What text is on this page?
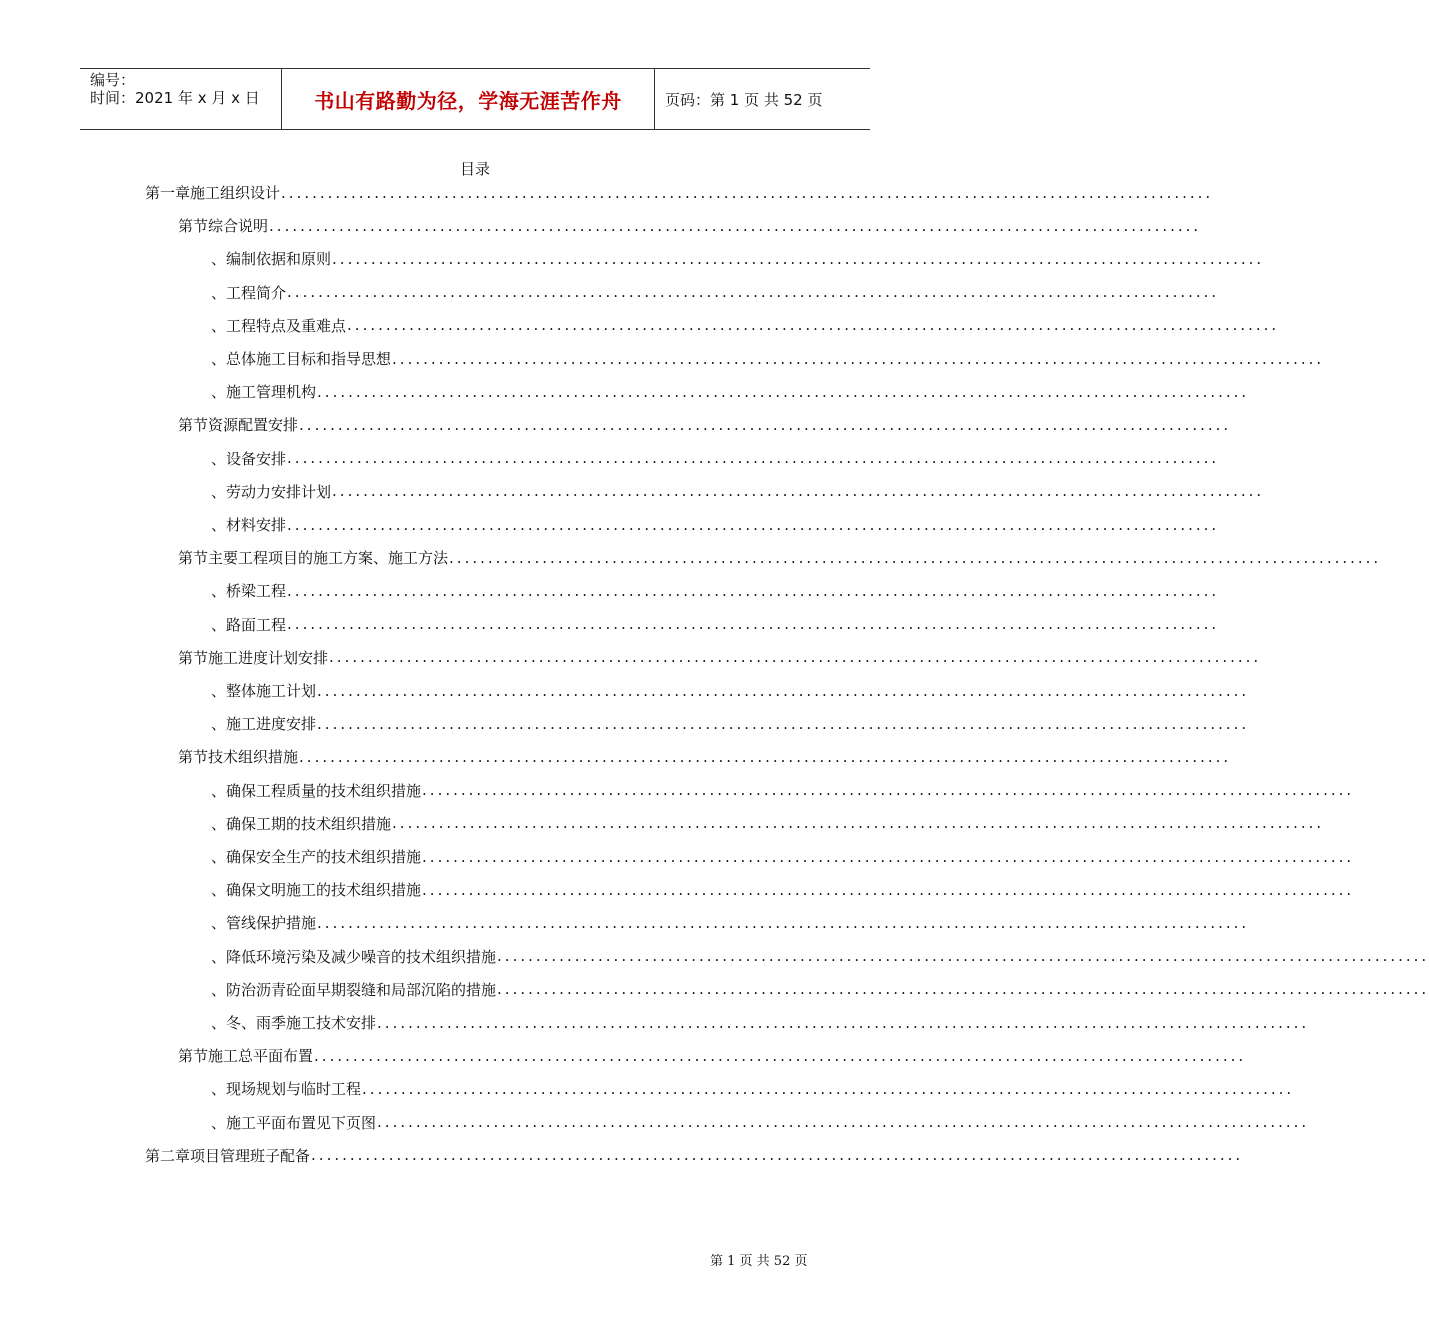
编号：
时间：2021 年 x 月 x 日	书山有路勤为径，学海无涯苦作舟	页码：第 1 页 共 52 页
目录
第一章 施工组织设计 ........................................................................................................................
第节 综合说明 ........................................................................................................................
、 编制依据和原则 ........................................................................................................................
、 工程简介 ........................................................................................................................
、 工程特点及重难点 ........................................................................................................................
、 总体施工目标和指导思想 ........................................................................................................................
、 施工管理机构 ........................................................................................................................
第节 资源配置安排 ........................................................................................................................
、 设备安排 ........................................................................................................................
、 劳动力安排计划 ........................................................................................................................
、 材料安排 ........................................................................................................................
第节 主要工程项目的施工方案、施工方法 ........................................................................................................................
、 桥梁工程 ........................................................................................................................
、 路面工程 ........................................................................................................................
第节 施工进度计划安排 ........................................................................................................................
、 整体施工计划 ........................................................................................................................
、 施工进度安排 ........................................................................................................................
第节 技术组织措施 ........................................................................................................................
、 确保工程质量的技术组织措施 ........................................................................................................................
、 确保工期的技术组织措施 ........................................................................................................................
、 确保安全生产的技术组织措施 ........................................................................................................................
、 确保文明施工的技术组织措施 ........................................................................................................................
、 管线保护措施 ........................................................................................................................
、 降低环境污染及减少噪音的技术组织措施 ........................................................................................................................
、 防治沥青砼面早期裂缝和局部沉陷的措施 ........................................................................................................................
、 冬、雨季施工技术安排 ........................................................................................................................
第节 施工总平面布置 ........................................................................................................................
、 现场规划与临时工程 ........................................................................................................................
、 施工平面布置见下页图 ........................................................................................................................
第二章 项目管理班子配备 ........................................................................................................................
第 1 页 共 52 页
